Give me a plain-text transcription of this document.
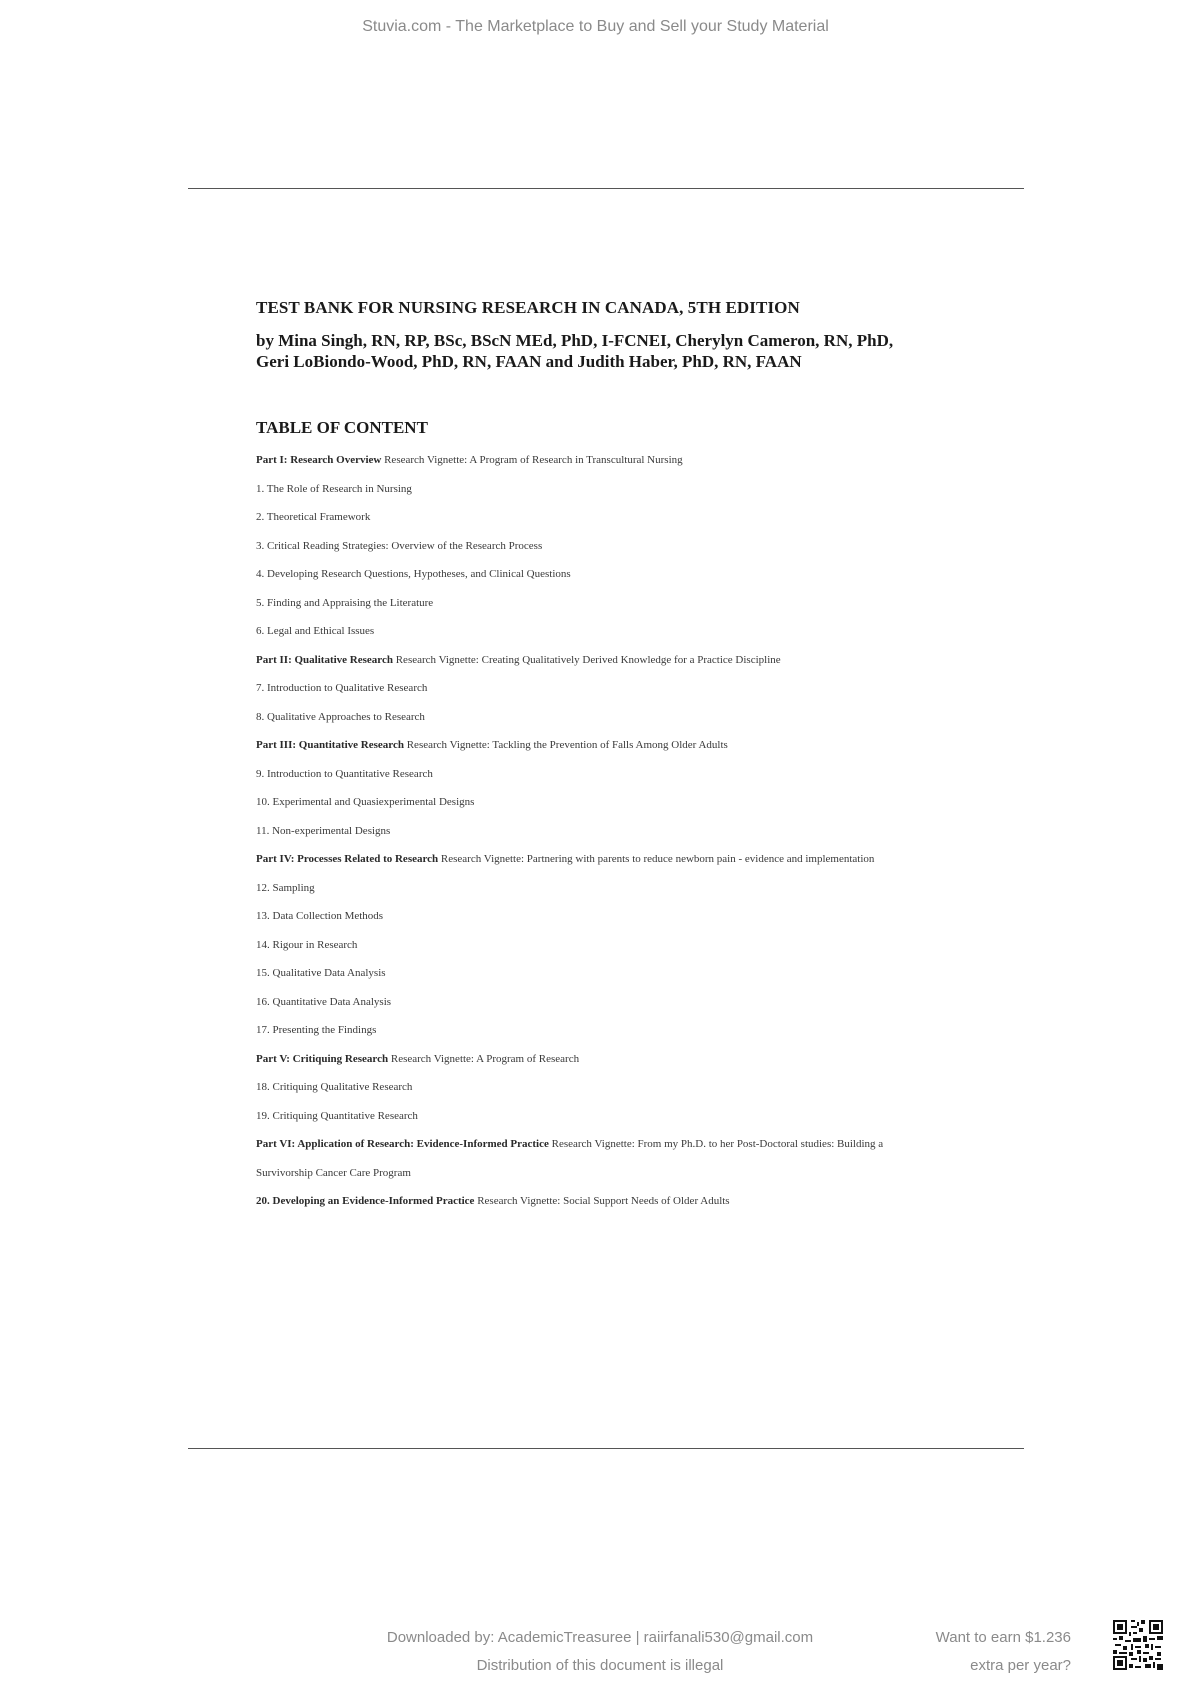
Stuvia.com - The Marketplace to Buy and Sell your Study Material
TEST BANK FOR NURSING RESEARCH IN CANADA, 5TH EDITION
by Mina Singh, RN, RP, BSc, BScN MEd, PhD, I-FCNEI, Cherylyn Cameron, RN, PhD,
Geri LoBiondo-Wood, PhD, RN, FAAN and Judith Haber, PhD, RN, FAAN
TABLE OF CONTENT
Part I: Research Overview Research Vignette: A Program of Research in Transcultural Nursing
1. The Role of Research in Nursing
2. Theoretical Framework
3. Critical Reading Strategies: Overview of the Research Process
4. Developing Research Questions, Hypotheses, and Clinical Questions
5. Finding and Appraising the Literature
6. Legal and Ethical Issues
Part II: Qualitative Research Research Vignette: Creating Qualitatively Derived Knowledge for a Practice Discipline
7. Introduction to Qualitative Research
8. Qualitative Approaches to Research
Part III: Quantitative Research Research Vignette: Tackling the Prevention of Falls Among Older Adults
9. Introduction to Quantitative Research
10. Experimental and Quasiexperimental Designs
11. Non-experimental Designs
Part IV: Processes Related to Research Research Vignette: Partnering with parents to reduce newborn pain - evidence and implementation
12. Sampling
13. Data Collection Methods
14. Rigour in Research
15. Qualitative Data Analysis
16. Quantitative Data Analysis
17. Presenting the Findings
Part V: Critiquing Research Research Vignette: A Program of Research
18. Critiquing Qualitative Research
19. Critiquing Quantitative Research
Part VI: Application of Research: Evidence-Informed Practice Research Vignette: From my Ph.D. to her Post-Doctoral studies: Building a
Survivorship Cancer Care Program
20. Developing an Evidence-Informed Practice Research Vignette: Social Support Needs of Older Adults
Downloaded by: AcademicTreasuree | raiirfanali530@gmail.com
Distribution of this document is illegal
Want to earn $1.236
extra per year?
